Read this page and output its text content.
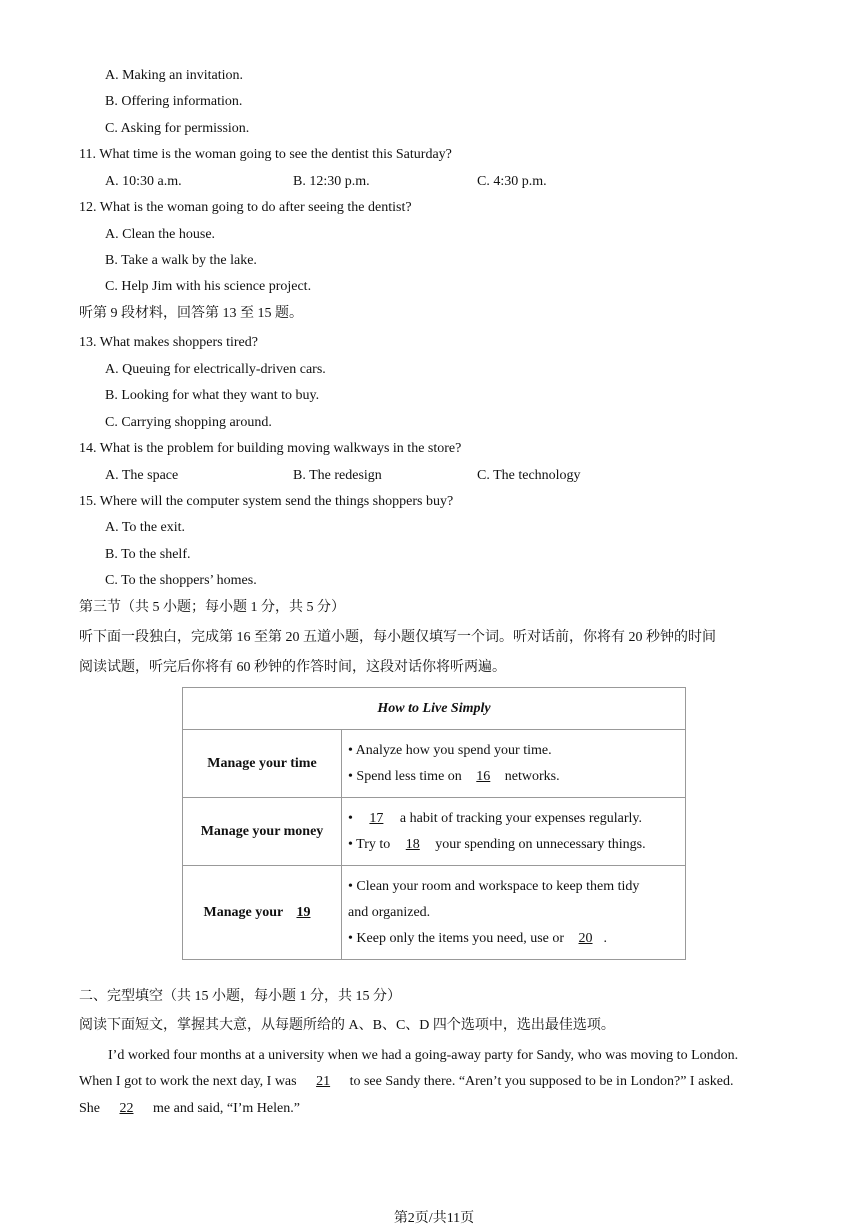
A. Making an invitation.
B. Offering information.
C. Asking for permission.
11. What time is the woman going to see the dentist this Saturday?
A. 10:30 a.m.	B. 12:30 p.m.	C. 4:30 p.m.
12. What is the woman going to do after seeing the dentist?
A. Clean the house.
B. Take a walk by the lake.
C. Help Jim with his science project.
听第 9 段材料，回答第 13 至 15 题。
13. What makes shoppers tired?
A. Queuing for electrically-driven cars.
B. Looking for what they want to buy.
C. Carrying shopping around.
14. What is the problem for building moving walkways in the store?
A. The space	B. The redesign	C. The technology
15. Where will the computer system send the things shoppers buy?
A. To the exit.
B. To the shelf.
C. To the shoppers’ homes.
第三节（共 5 小题；每小题 1 分，共 5 分）
听下面一段独白，完成第 16 至第 20 五道小题，每小题仅填写一个词。听对话前，你将有 20 秒钟的时间
阅读试题，听完后你将有 60 秒钟的作答时间，这段对话你将听两遍。
How to Live Simply	
Manage your time	• Analyze how you spend your time.
• Spend less time on 16 networks.

Manage your money	• 17 a habit of tracking your expenses regularly.
• Try to 18 your spending on unnecessary things.

Manage your 19	• Clean your room and workspace to keep them tidy
and organized.
• Keep only the items you need, use or 20 .
二、完型填空（共 15 小题，每小题 1 分，共 15 分）
阅读下面短文，掌握其大意，从每题所给的 A、B、C、D 四个选项中，选出最佳选项。
I’d worked four months at a university when we had a going-away party for Sandy, who was moving to London.
When I got to work the next day, I was 21 to see Sandy there. “Aren’t you supposed to be in London?” I asked.
She 22 me and said, “I’m Helen.”
第2页/共11页
